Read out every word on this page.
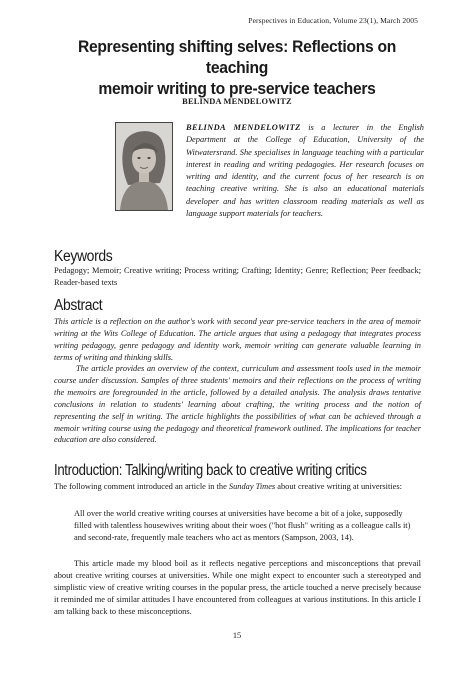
Perspectives in Education, Volume 23(1), March 2005
Representing shifting selves: Reflections on teaching
memoir writing to pre-service teachers
BELINDA MENDELOWITZ
BELINDA MENDELOWITZ is a lecturer in the English Department at the College of Education, University of the Witwatersrand. She specialises in language teaching with a particular interest in reading and writing pedagogies. Her research focuses on writing and identity, and the current focus of her research is on teaching creative writing. She is also an educational materials developer and has written classroom reading materials as well as language support materials for teachers.
Keywords
Pedagogy; Memoir; Creative writing; Process writing; Crafting; Identity; Genre; Reflection; Peer feedback; Reader-based texts
Abstract
This article is a reflection on the author's work with second year pre-service teachers in the area of memoir writing at the Wits College of Education. The article argues that using a pedagogy that integrates process writing pedagogy, genre pedagogy and identity work, memoir writing can generate valuable learning in terms of writing and thinking skills.
The article provides an overview of the context, curriculum and assessment tools used in the memoir course under discussion. Samples of three students' memoirs and their reflections on the process of writing the memoirs are foregrounded in the article, followed by a detailed analysis. The analysis draws tentative conclusions in relation to students' learning about crafting, the writing process and the notion of representing the self in writing. The article highlights the possibilities of what can be achieved through a memoir writing course using the pedagogy and theoretical framework outlined. The implications for teacher education are also considered.
Introduction: Talking/writing back to creative writing critics
The following comment introduced an article in the Sunday Times about creative writing at universities:
All over the world creative writing courses at universities have become a bit of a joke, supposedly filled with talentless housewives writing about their woes ("hot flush" writing as a colleague calls it) and second-rate, frequently male teachers who act as mentors (Sampson, 2003, 14).
This article made my blood boil as it reflects negative perceptions and misconceptions that prevail about creative writing courses at universities. While one might expect to encounter such a stereotyped and simplistic view of creative writing courses in the popular press, the article touched a nerve precisely because it reminded me of similar attitudes I have encountered from colleagues at various institutions. In this article I am talking back to these misconceptions.
15
